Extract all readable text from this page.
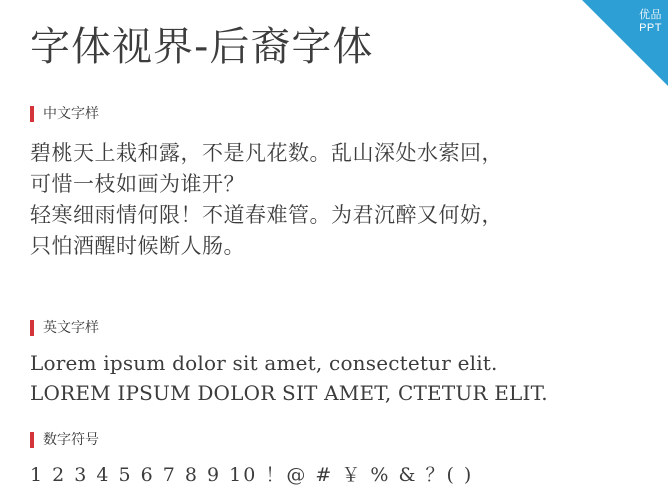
优品
PPT
字体视界-后裔字体
中文字样
碧桃天上栽和露，不是凡花数。乱山深处水萦回，
可惜一枝如画为谁开？
轻寒细雨情何限！不道春难管。为君沉醉又何妨，
只怕酒醒时候断人肠。
英文字样
Lorem ipsum dolor sit amet, consectetur elit.
LOREM IPSUM DOLOR SIT AMET, CTETUR ELIT.
数字符号
1 2 3 4 5 6 7 8 9 10 ！@ # ￥ % & ？( )
